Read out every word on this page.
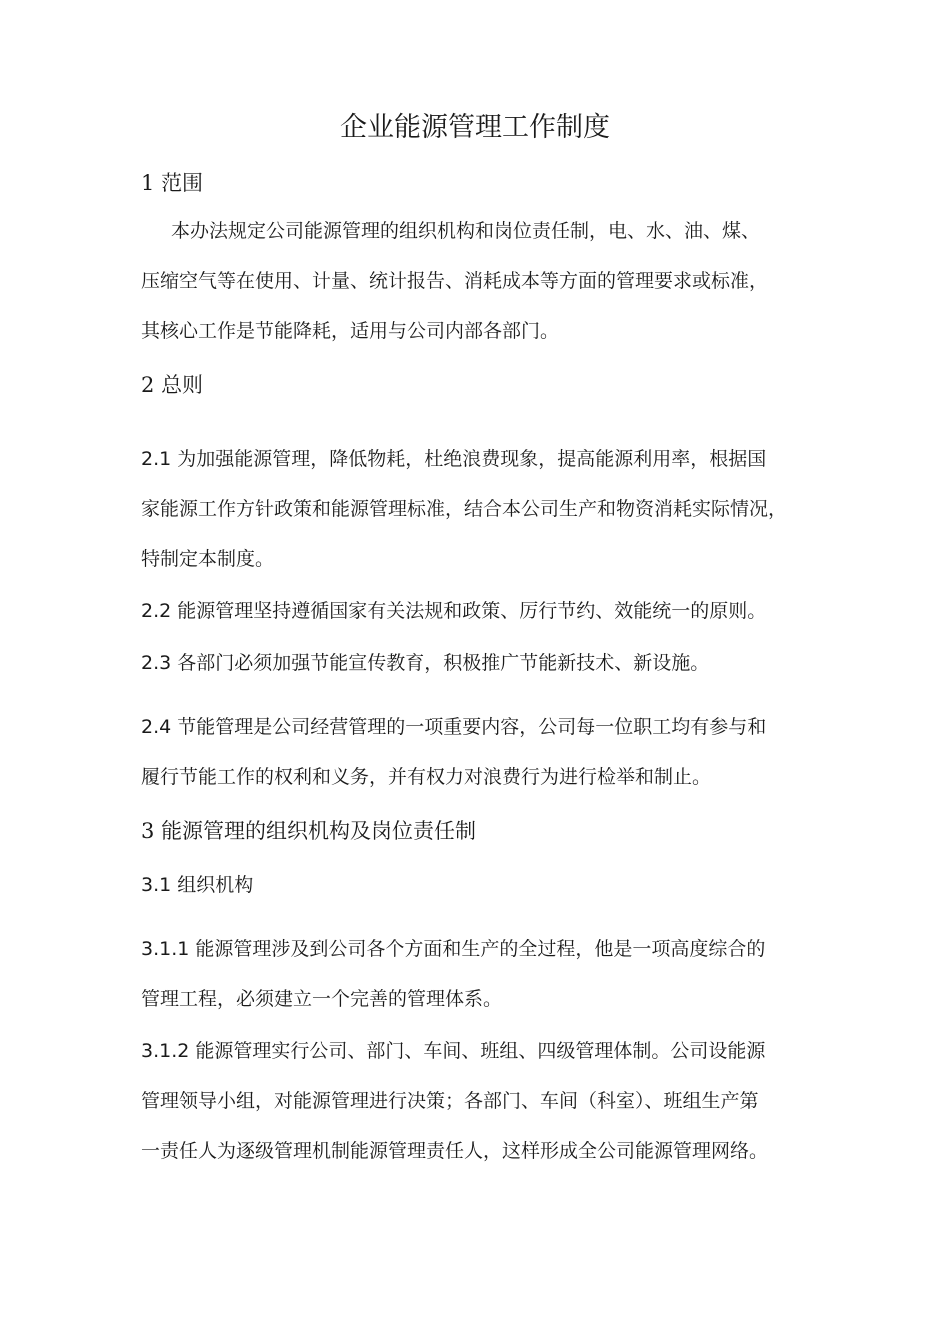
企业能源管理工作制度
1 范围
本办法规定公司能源管理的组织机构和岗位责任制，电、水、油、煤、
压缩空气等在使用、计量、统计报告、消耗成本等方面的管理要求或标准，
其核心工作是节能降耗，适用与公司内部各部门。
2 总则
2.1 为加强能源管理，降低物耗，杜绝浪费现象，提高能源利用率，根据国
家能源工作方针政策和能源管理标准，结合本公司生产和物资消耗实际情况，
特制定本制度。
2.2 能源管理坚持遵循国家有关法规和政策、厉行节约、效能统一的原则。
2.3 各部门必须加强节能宣传教育，积极推广节能新技术、新设施。
2.4 节能管理是公司经营管理的一项重要内容，公司每一位职工均有参与和
履行节能工作的权利和义务，并有权力对浪费行为进行检举和制止。
3 能源管理的组织机构及岗位责任制
3.1 组织机构
3.1.1 能源管理涉及到公司各个方面和生产的全过程，他是一项高度综合的
管理工程，必须建立一个完善的管理体系。
3.1.2 能源管理实行公司、部门、车间、班组、四级管理体制。公司设能源
管理领导小组，对能源管理进行决策；各部门、车间（科室）、班组生产第
一责任人为逐级管理机制能源管理责任人，这样形成全公司能源管理网络。
